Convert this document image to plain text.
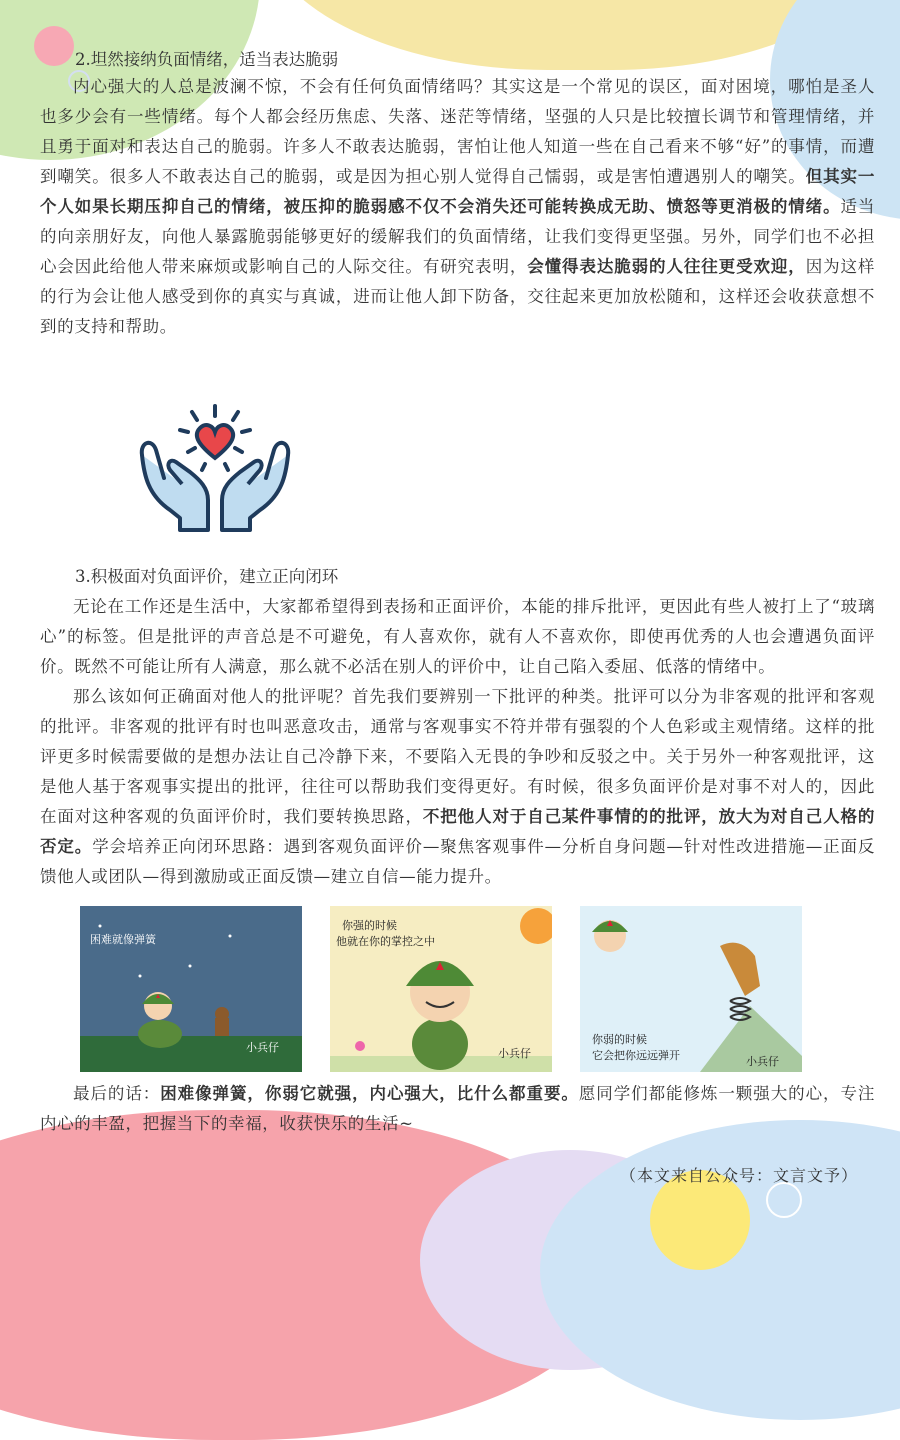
2.坦然接纳负面情绪，适当表达脆弱

内心强大的人总是波澜不惊，不会有任何负面情绪吗？其实这是一个常见的误区，面对困境，哪怕是圣人也多少会有一些情绪。每个人都会经历焦虑、失落、迷茫等情绪，坚强的人只是比较擅长调节和管理情绪，并且勇于面对和表达自己的脆弱。许多人不敢表达脆弱，害怕让他人知道一些在自己看来不够“好”的事情，而遭到嘲笑。很多人不敢表达自己的脆弱，或是因为担心别人觉得自己懦弱，或是害怕遭遇别人的嘲笑。但其实一个人如果长期压抑自己的情绪，被压抑的脆弱感不仅不会消失还可能转换成无助、愤怒等更消极的情绪。适当的向亲朋好友，向他人暴露脆弱能够更好的缓解我们的负面情绪，让我们变得更坚强。另外，同学们也不必担心会因此给他人带来麻烦或影响自己的人际交往。有研究表明，会懂得表达脆弱的人往往更受欢迎，因为这样的行为会让他人感受到你的真实与真诚，进而让他人卸下防备，交往起来更加放松随和，这样还会收获意想不到的支持和帮助。

3.积极面对负面评价，建立正向闭环

无论在工作还是生活中，大家都希望得到表扬和正面评价，本能的排斥批评，更因此有些人被打上了“玻璃心”的标签。但是批评的声音总是不可避免，有人喜欢你，就有人不喜欢你，即使再优秀的人也会遭遇负面评价。既然不可能让所有人满意，那么就不必活在别人的评价中，让自己陷入委屈、低落的情绪中。

那么该如何正确面对他人的批评呢？首先我们要辨别一下批评的种类。批评可以分为非客观的批评和客观的批评。非客观的批评有时也叫恶意攻击，通常与客观事实不符并带有强裂的个人色彩或主观情绪。这样的批评更多时候需要做的是想办法让自己冷静下来，不要陷入无畏的争吵和反驳之中。关于另外一种客观批评，这是他人基于客观事实提出的批评，往往可以帮助我们变得更好。有时候，很多负面评价是对事不对人的，因此在面对这种客观的负面评价时，我们要转换思路，不把他人对于自己某件事情的的批评，放大为对自己人格的否定。学会培养正向闭环思路：遇到客观负面评价—聚焦客观事件—分析自身问题—针对性改进措施—正面反馈他人或团队—得到激励或正面反馈—建立自信—能力提升。

困难就像弹簧
小兵仔
你强的时候
他就在你的掌控之中
小兵仔
你弱的时候
它会把你远远弹开	小兵仔

最后的话：困难像弹簧，你弱它就强，内心强大，比什么都重要。愿同学们都能修炼一颗强大的心，专注内心的丰盈，把握当下的幸福，收获快乐的生活~

（本文来自公众号：文言文予）
